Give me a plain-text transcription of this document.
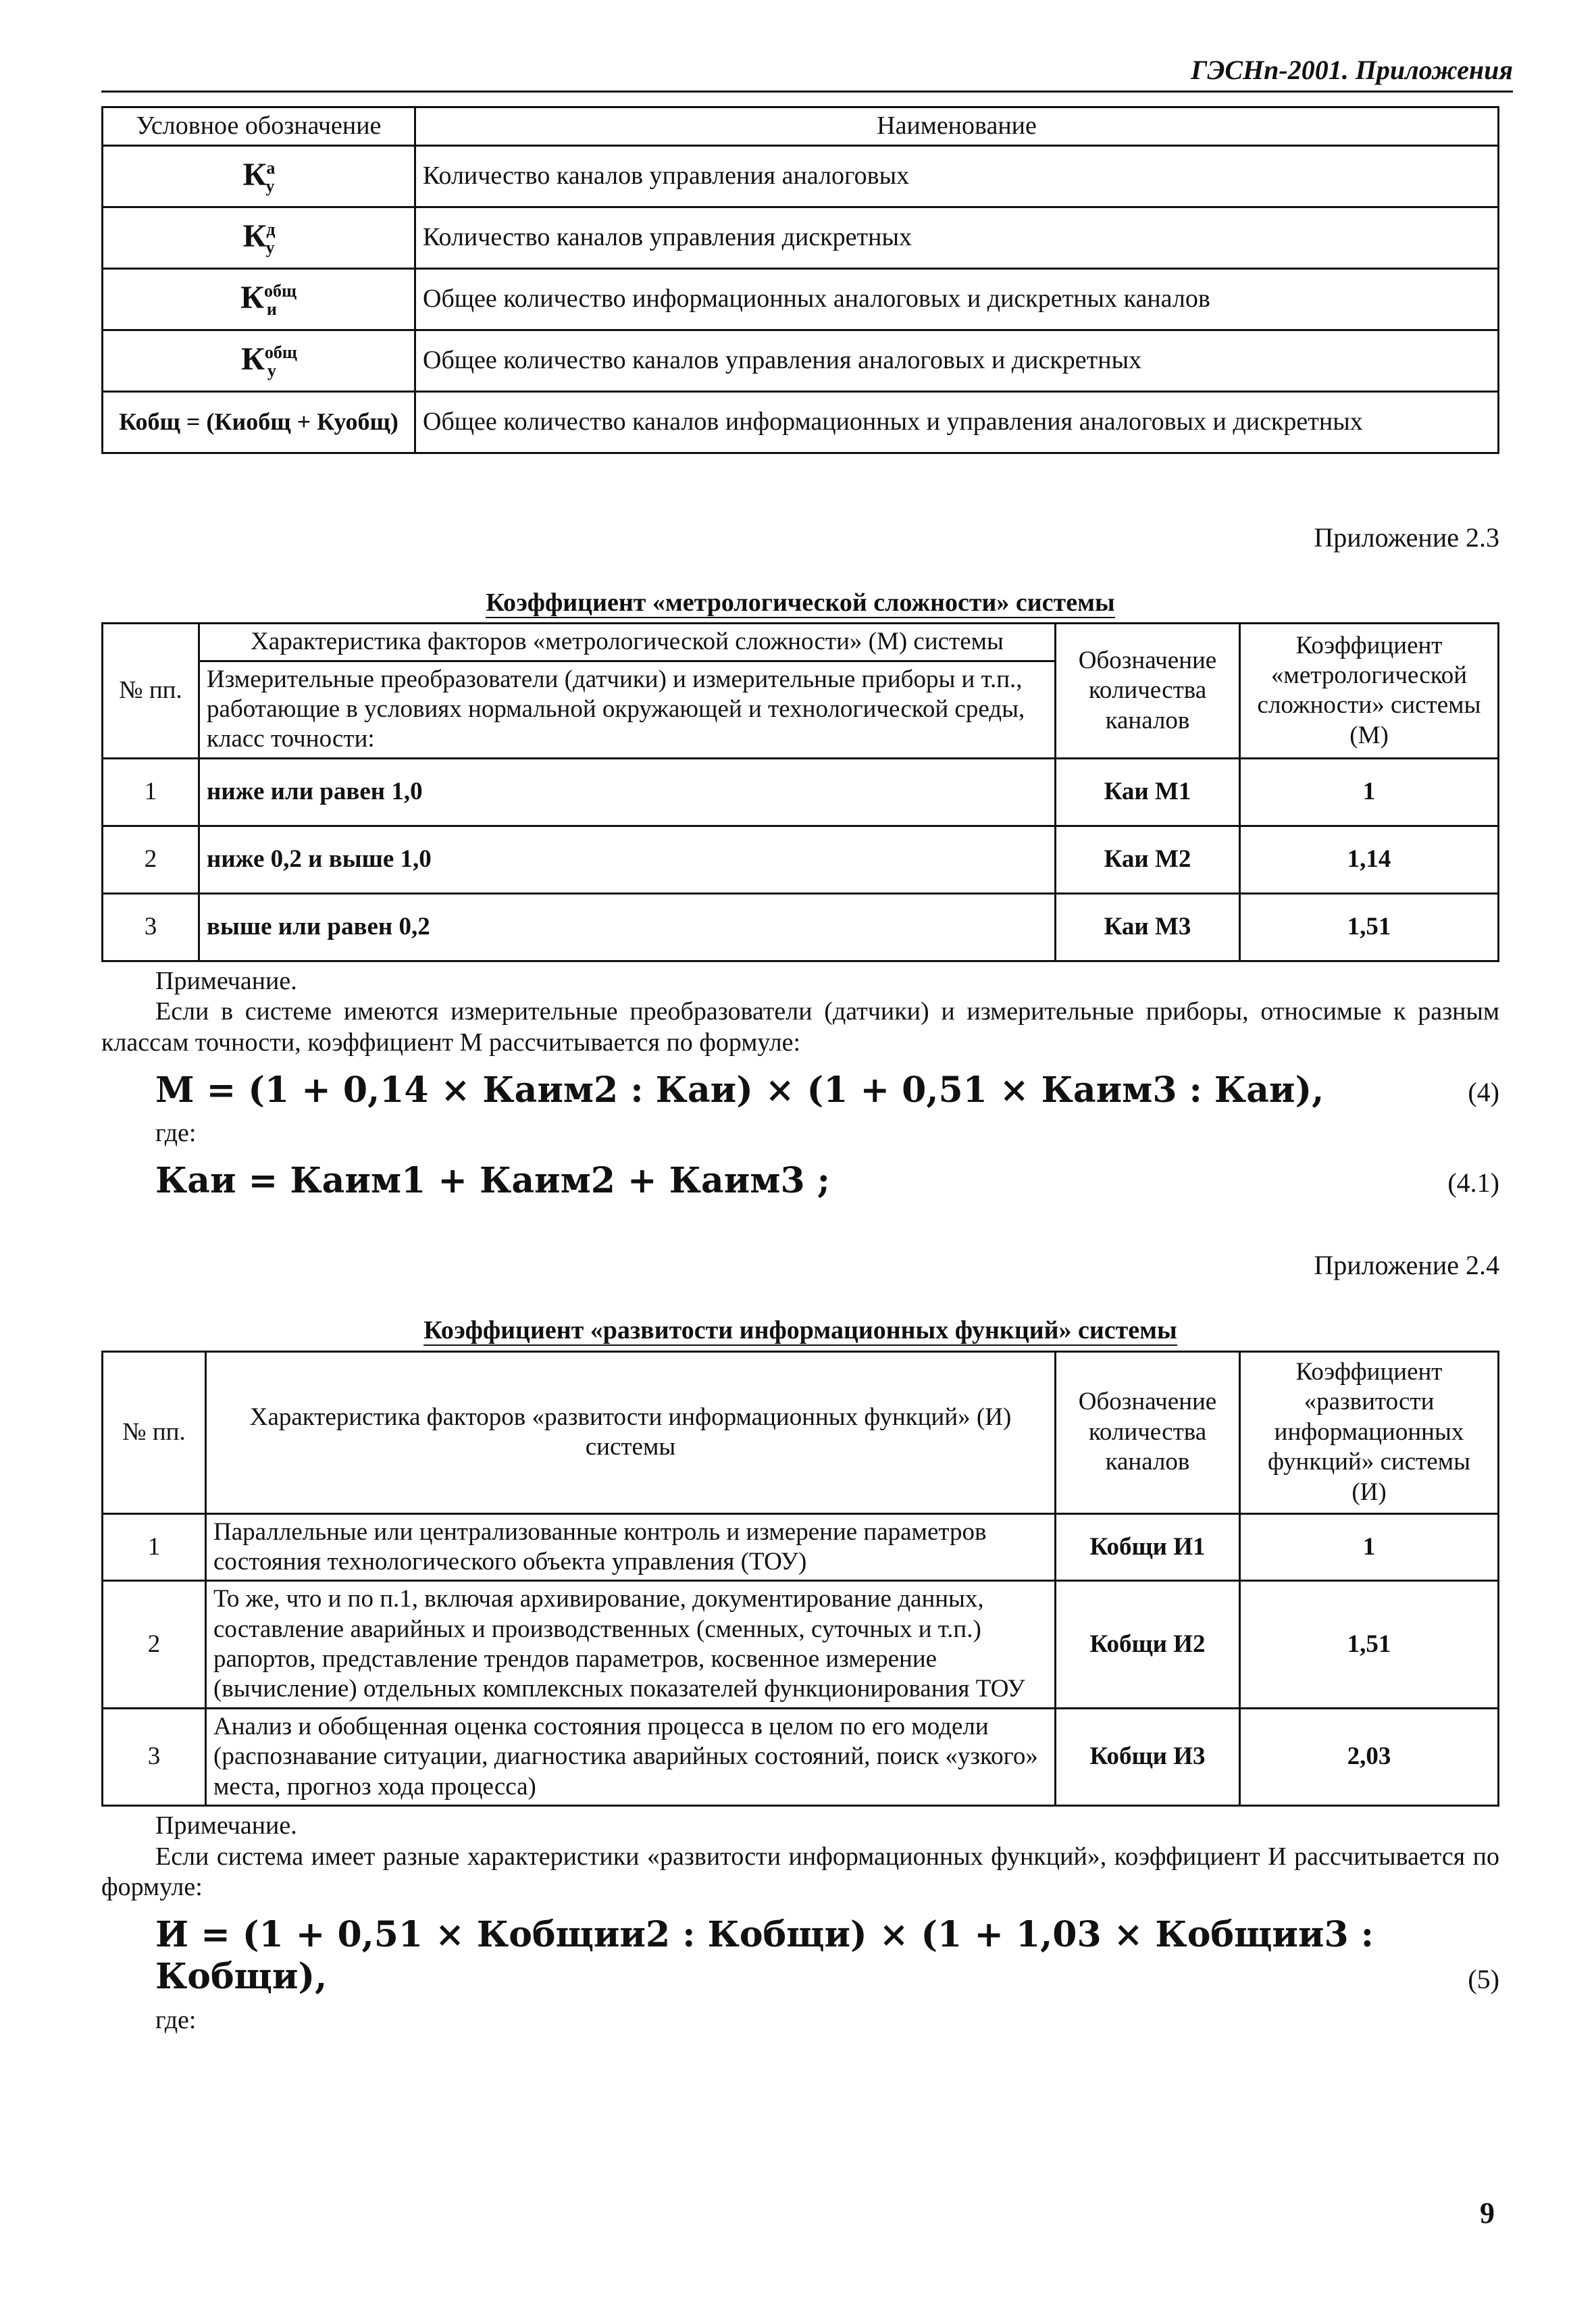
ГЭСНп-2001. Приложения
Условное обозначение	Наименование
$К^а_у$	Количество каналов управления аналоговых
$К^д_у$	Количество каналов управления дискретных
$К^{общ}_и$	Общее количество информационных аналоговых и дискретных каналов
$К^{общ}_у$	Общее количество каналов управления аналоговых и дискретных
Кобщ = (Киобщ + Куобщ)	Общее количество каналов информационных и управления аналоговых и дискретных
Приложение 2.3
Коэффициент «метрологической сложности» системы
№ пп.	Характеристика факторов «метрологической сложности» (М) системы	Обозначение количества каналов	Коэффициент «метрологической сложности» системы (М)
	Измерительные преобразователи (датчики) и измерительные приборы и т.п., работающие в условиях нормальной окружающей и технологической среды, класс точности:		
1	ниже или равен 1,0	Каи М1	1
2	ниже 0,2 и выше 1,0	Каи М2	1,14
3	выше или равен 0,2	Каи М3	1,51
Примечание.
Если в системе имеются измерительные преобразователи (датчики) и измерительные приборы, относимые к разным классам точности, коэффициент М рассчитывается по формуле:
М = (1 + 0,14 × Каим2 : Каи) × (1 + 0,51 × Каим3 : Каи),	(4)
где:
Каи = Каим1 + Каим2 + Каим3 ;	(4.1)
Приложение 2.4
Коэффициент «развитости информационных функций» системы
№ пп.	Характеристика факторов «развитости информационных функций» (И) системы	Обозначение количества каналов	Коэффициент «развитости информационных функций» системы (И)
1	Параллельные или централизованные контроль и измерение параметров состояния технологического объекта управления (ТОУ)	Кобщи И1	1
2	То же, что и по п.1, включая архивирование, документирование данных, составление аварийных и производственных (сменных, суточных и т.п.) рапортов, представление трендов параметров, косвенное измерение (вычисление) отдельных комплексных показателей функционирования ТОУ	Кобщи И2	1,51
3	Анализ и обобщенная оценка состояния процесса в целом по его модели (распознавание ситуации, диагностика аварийных состояний, поиск «узкого» места, прогноз хода процесса)	Кобщи И3	2,03
Примечание.
Если система имеет разные характеристики «развитости информационных функций», коэффициент И рассчитывается по формуле:
И = (1 + 0,51 × Кобщии2 : Кобщи) × (1 + 1,03 × Кобщии3 : Кобщи),	(5)
где:
9
